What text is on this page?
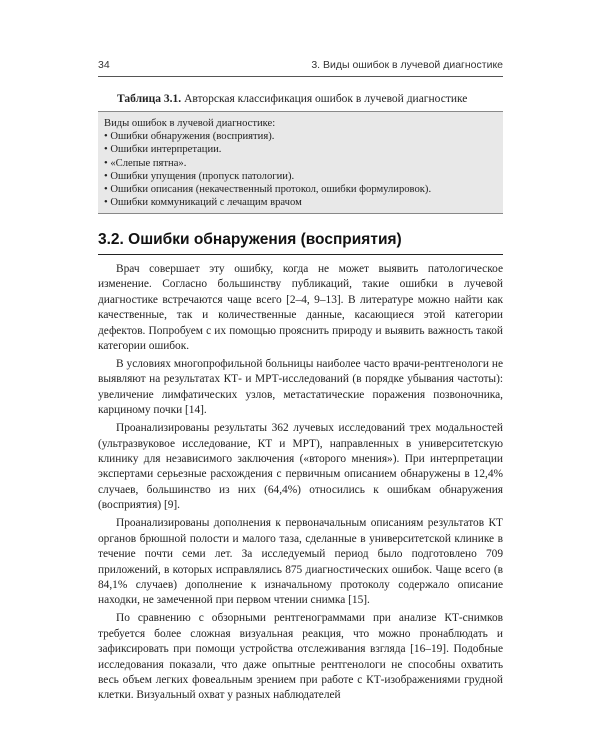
34	3. Виды ошибок в лучевой диагностике
Таблица 3.1. Авторская классификация ошибок в лучевой диагностике
Виды ошибок в лучевой диагностике:
• Ошибки обнаружения (восприятия).
• Ошибки интерпретации.
• «Слепые пятна».
• Ошибки упущения (пропуск патологии).
• Ошибки описания (некачественный протокол, ошибки формулировок).
• Ошибки коммуникаций с лечащим врачом
3.2. Ошибки обнаружения (восприятия)

Врач совершает эту ошибку, когда не может выявить патологическое изменение. Согласно большинству публикаций, такие ошибки в лучевой диагностике встречаются чаще всего [2–4, 9–13]. В литературе можно найти как качественные, так и количественные данные, касающиеся этой категории дефектов. Попробуем с их помощью прояснить природу и выявить важность такой категории ошибок.

В условиях многопрофильной больницы наиболее часто врачи-рентгенологи не выявляют на результатах КТ- и МРТ-исследований (в порядке убывания частоты): увеличение лимфатических узлов, метастатические поражения позвоночника, карциному почки [14].

Проанализированы результаты 362 лучевых исследований трех модальностей (ультразвуковое исследование, КТ и МРТ), направленных в университетскую клинику для независимого заключения («второго мнения»). При интерпретации экспертами серьезные расхождения с первичным описанием обнаружены в 12,4% случаев, большинство из них (64,4%) относились к ошибкам обнаружения (восприятия) [9].

Проанализированы дополнения к первоначальным описаниям результатов КТ органов брюшной полости и малого таза, сделанные в университетской клинике в течение почти семи лет. За исследуемый период было подготовлено 709 приложений, в которых исправлялись 875 диагностических ошибок. Чаще всего (в 84,1% случаев) дополнение к изначальному протоколу содержало описание находки, не замеченной при первом чтении снимка [15].

По сравнению с обзорными рентгенограммами при анализе КТ-снимков требуется более сложная визуальная реакция, что можно пронаблюдать и зафиксировать при помощи устройства отслеживания взгляда [16–19]. Подобные исследования показали, что даже опытные рентгенологи не способны охватить весь объем легких фовеальным зрением при работе с КТ-изображениями грудной клетки. Визуальный охват у разных наблюдателей
